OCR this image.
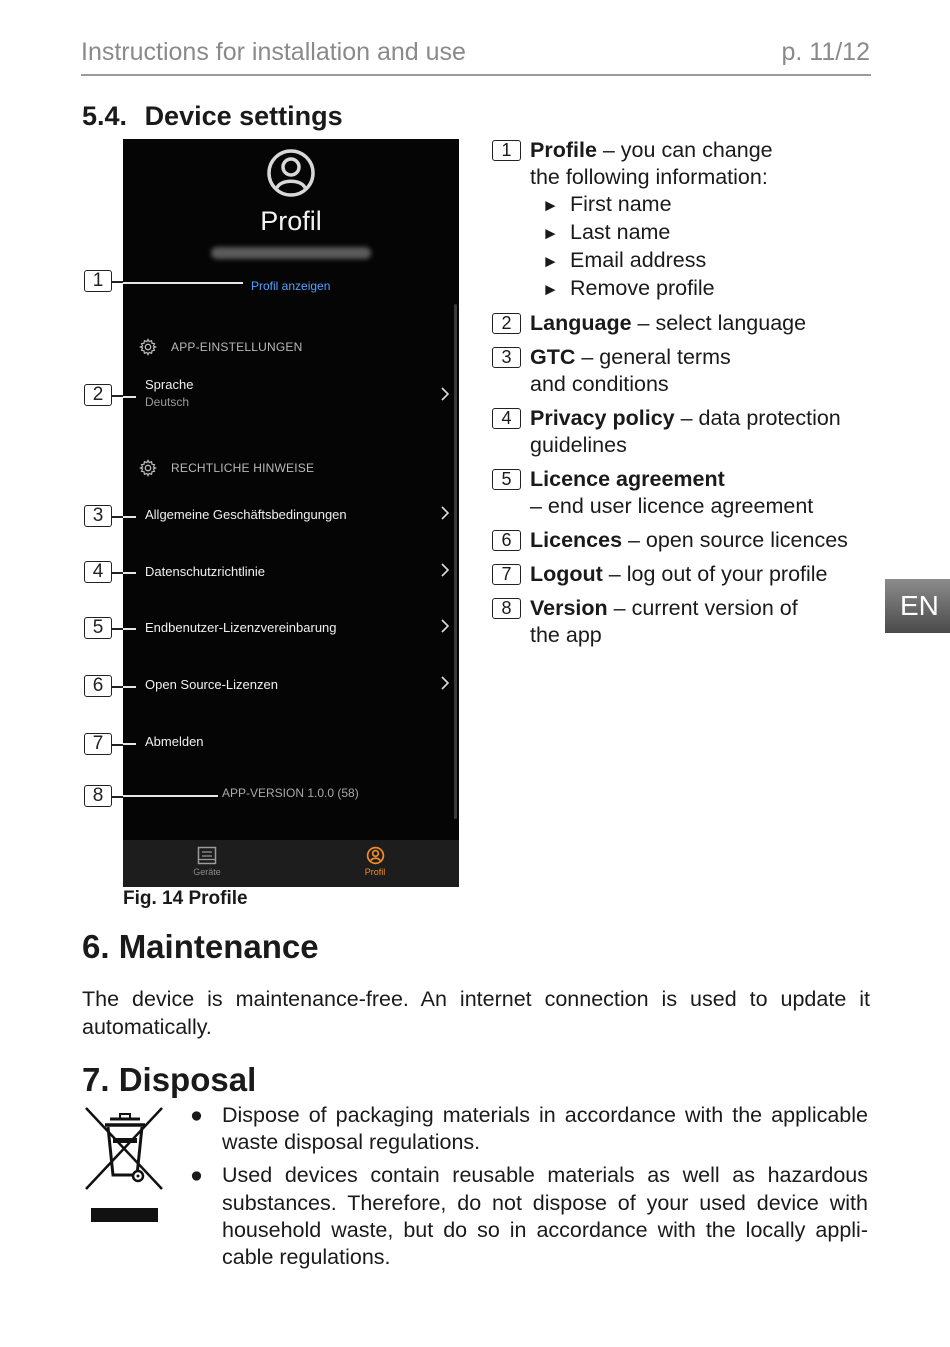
Instructions for installation and use	p. 11/12
5.4. Device settings
Profil
Profil anzeigen
APP-EINSTELLUNGEN
Sprache
Deutsch
RECHTLICHE HINWEISE
Allgemeine Geschäftsbedingungen
Datenschutzrichtlinie
Endbenutzer-Lizenzvereinbarung
Open Source-Lizenzen
Abmelden
APP-VERSION 1.0.0 (58)
Geräte	Profil
1
2
3
4
5
6
7
8
1 Profile – you can change
the following information:
► First name
► Last name
► Email address
► Remove profile
2 Language – select language
3 GTC – general terms
and conditions
4 Privacy policy – data protection
guidelines
5 Licence agreement
– end user licence agreement
6 Licences – open source licences
7 Logout – log out of your profile
8 Version – current version of
the app
EN
Fig. 14 Profile
6. Maintenance
The device is maintenance-free. An internet connection is used to update it automatically.
7. Disposal
● Dispose of packaging materials in accordance with the applicable waste disposal regulations.
● Used devices contain reusable materials as well as hazardous substances. Therefore, do not dispose of your used device with household waste, but do so in accordance with the locally appli-cable regulations.
